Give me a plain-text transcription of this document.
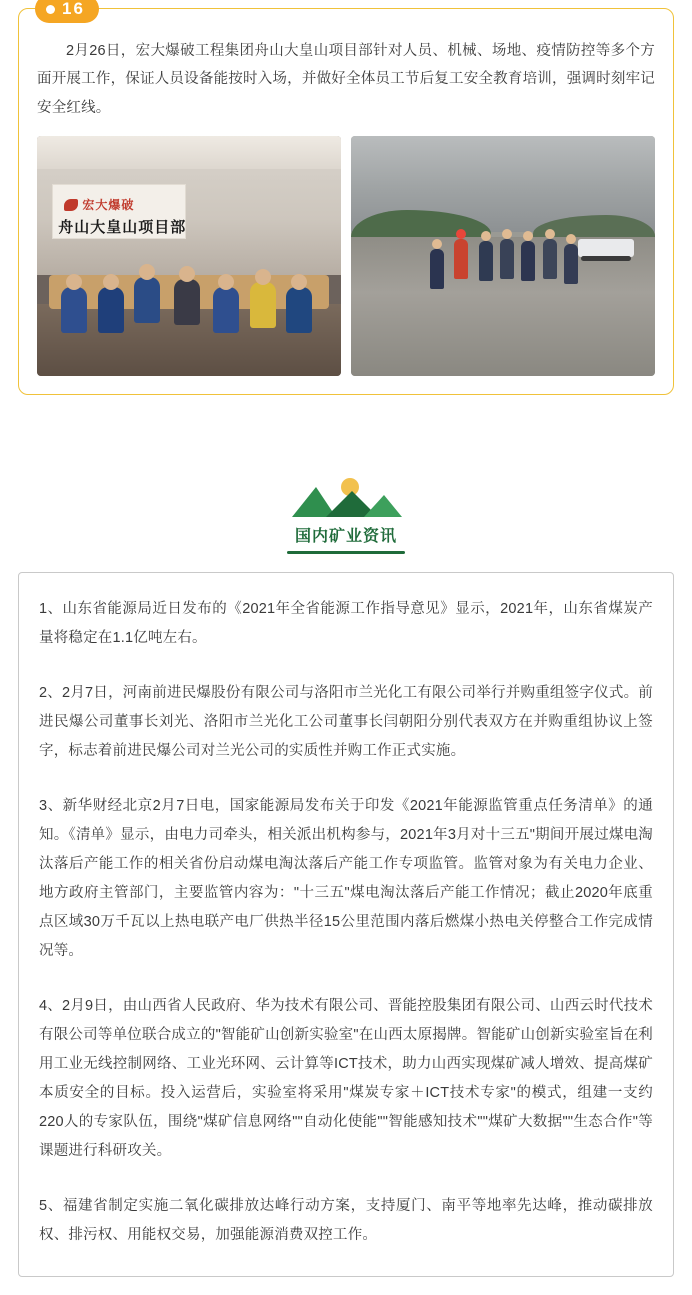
16

2月26日，宏大爆破工程集团舟山大皇山项目部针对人员、机械、场地、疫情防控等多个方面开展工作，保证人员设备能按时入场，并做好全体员工节后复工安全教育培训，强调时刻牢记安全红线。

宏大爆破
舟山大皇山项目部
国内矿业资讯

1、山东省能源局近日发布的《2021年全省能源工作指导意见》显示，2021年，山东省煤炭产量将稳定在1.1亿吨左右。

2、2月7日，河南前进民爆股份有限公司与洛阳市兰光化工有限公司举行并购重组签字仪式。前进民爆公司董事长刘光、洛阳市兰光化工公司董事长闫朝阳分别代表双方在并购重组协议上签字，标志着前进民爆公司对兰光公司的实质性并购工作正式实施。

3、新华财经北京2月7日电，国家能源局发布关于印发《2021年能源监管重点任务清单》的通知。《清单》显示，由电力司牵头，相关派出机构参与，2021年3月对十三五"期间开展过煤电淘汰落后产能工作的相关省份启动煤电淘汰落后产能工作专项监管。监管对象为有关电力企业、地方政府主管部门，主要监管内容为："十三五"煤电淘汰落后产能工作情况；截止2020年底重点区域30万千瓦以上热电联产电厂供热半径15公里范围内落后燃煤小热电关停整合工作完成情况等。

4、2月9日，由山西省人民政府、华为技术有限公司、晋能控股集团有限公司、山西云时代技术有限公司等单位联合成立的"智能矿山创新实验室"在山西太原揭牌。智能矿山创新实验室旨在利用工业无线控制网络、工业光环网、云计算等ICT技术，助力山西实现煤矿减人增效、提高煤矿本质安全的目标。投入运营后，实验室将采用"煤炭专家＋ICT技术专家"的模式，组建一支约220人的专家队伍，围绕"煤矿信息网络""自动化使能""智能感知技术""煤矿大数据""生态合作"等课题进行科研攻关。

5、福建省制定实施二氧化碳排放达峰行动方案，支持厦门、南平等地率先达峰，推动碳排放权、排污权、用能权交易，加强能源消费双控工作。
